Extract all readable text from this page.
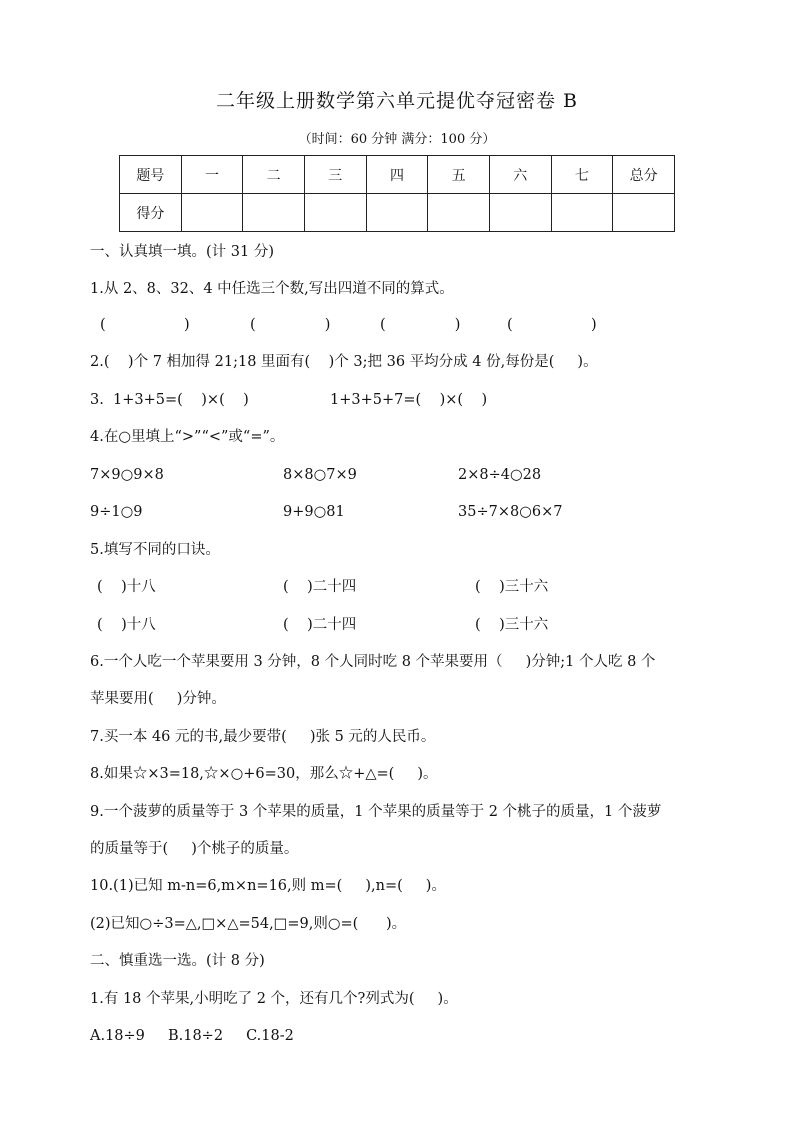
二年级上册数学第六单元提优夺冠密卷 B
（时间：60 分钟 满分：100 分）
题号	一	二	三	四	五	六	七	总分
得分								
一、认真填一填。(计 31 分)
1.从 2、8、32、4 中任选三个数,写出四道不同的算式。
(                 )	(               )	(               )	(                 )
2.(    )个 7 相加得 21;18 里面有(    )个 3;把 36 平均分成 4 份,每份是(     )。
3.  1+3+5=(    )×(    )	1+3+5+7=(    )×(    )
4.在○里填上“>”“<”或“=”。
7×9○9×8	8×8○7×9	2×8÷4○28
9÷1○9	9+9○81	35÷7×8○6×7
5.填写不同的口诀。
(    )十八	(    )二十四	(    )三十六
(    )十八	(    )二十四	(    )三十六
6.一个人吃一个苹果要用 3 分钟，8 个人同时吃 8 个苹果要用（     )分钟;1 个人吃 8 个
苹果要用(     )分钟。
7.买一本 46 元的书,最少要带(     )张 5 元的人民币。
8.如果☆×3=18,☆×○+6=30，那么☆+△=(     )。
9.一个菠萝的质量等于 3 个苹果的质量，1 个苹果的质量等于 2 个桃子的质量，1 个菠萝
的质量等于(     )个桃子的质量。
10.(1)已知 m-n=6,m×n=16,则 m=(     ),n=(     )。
(2)已知○÷3=△,□×△=54,□=9,则○=(      )。
二、慎重选一选。(计 8 分)
1.有 18 个苹果,小明吃了 2 个，还有几个?列式为(     )。
A.18÷9     B.18÷2     C.18-2
